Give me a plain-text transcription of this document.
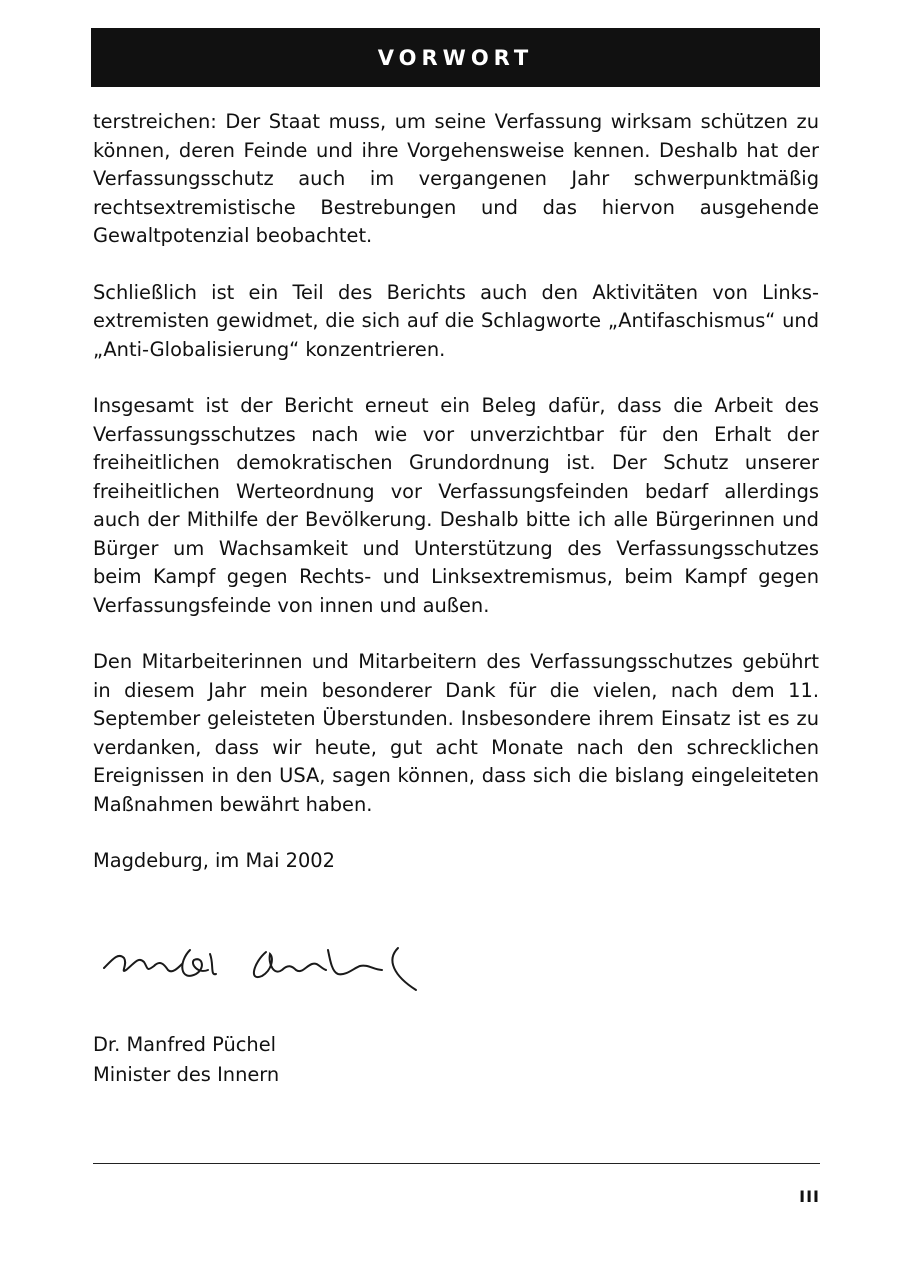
VORWORT

terstreichen: Der Staat muss, um seine Verfassung wirksam schützen zu können, deren Feinde und ihre Vorgehensweise kennen. Deshalb hat der Verfassungsschutz auch im vergangenen Jahr schwerpunktmäßig rechtsextremistische Bestrebungen und das hiervon ausgehende Gewaltpotenzial beobachtet.

Schließlich ist ein Teil des Berichts auch den Aktivitäten von Linksextremisten gewidmet, die sich auf die Schlagworte „Antifaschismus“ und „Anti-Globalisierung“ konzentrieren.

Insgesamt ist der Bericht erneut ein Beleg dafür, dass die Arbeit des Verfassungsschutzes nach wie vor unverzichtbar für den Erhalt der freiheitlichen demokratischen Grundordnung ist. Der Schutz unserer freiheitlichen Werteordnung vor Verfassungsfeinden bedarf allerdings auch der Mithilfe der Bevölkerung. Deshalb bitte ich alle Bürgerinnen und Bürger um Wachsamkeit und Unterstützung des Verfassungsschutzes beim Kampf gegen Rechts- und Linksextremismus, beim Kampf gegen Verfassungsfeinde von innen und außen.

Den Mitarbeiterinnen und Mitarbeitern des Verfassungsschutzes gebührt in diesem Jahr mein besonderer Dank für die vielen, nach dem 11. September geleisteten Überstunden. Insbesondere ihrem Einsatz ist es zu verdanken, dass wir heute, gut acht Monate nach den schrecklichen Ereignissen in den USA, sagen können, dass sich die bislang eingeleiteten Maßnahmen bewährt haben.

Magdeburg, im Mai 2002

Dr. Manfred Püchel
Minister des Innern
III
